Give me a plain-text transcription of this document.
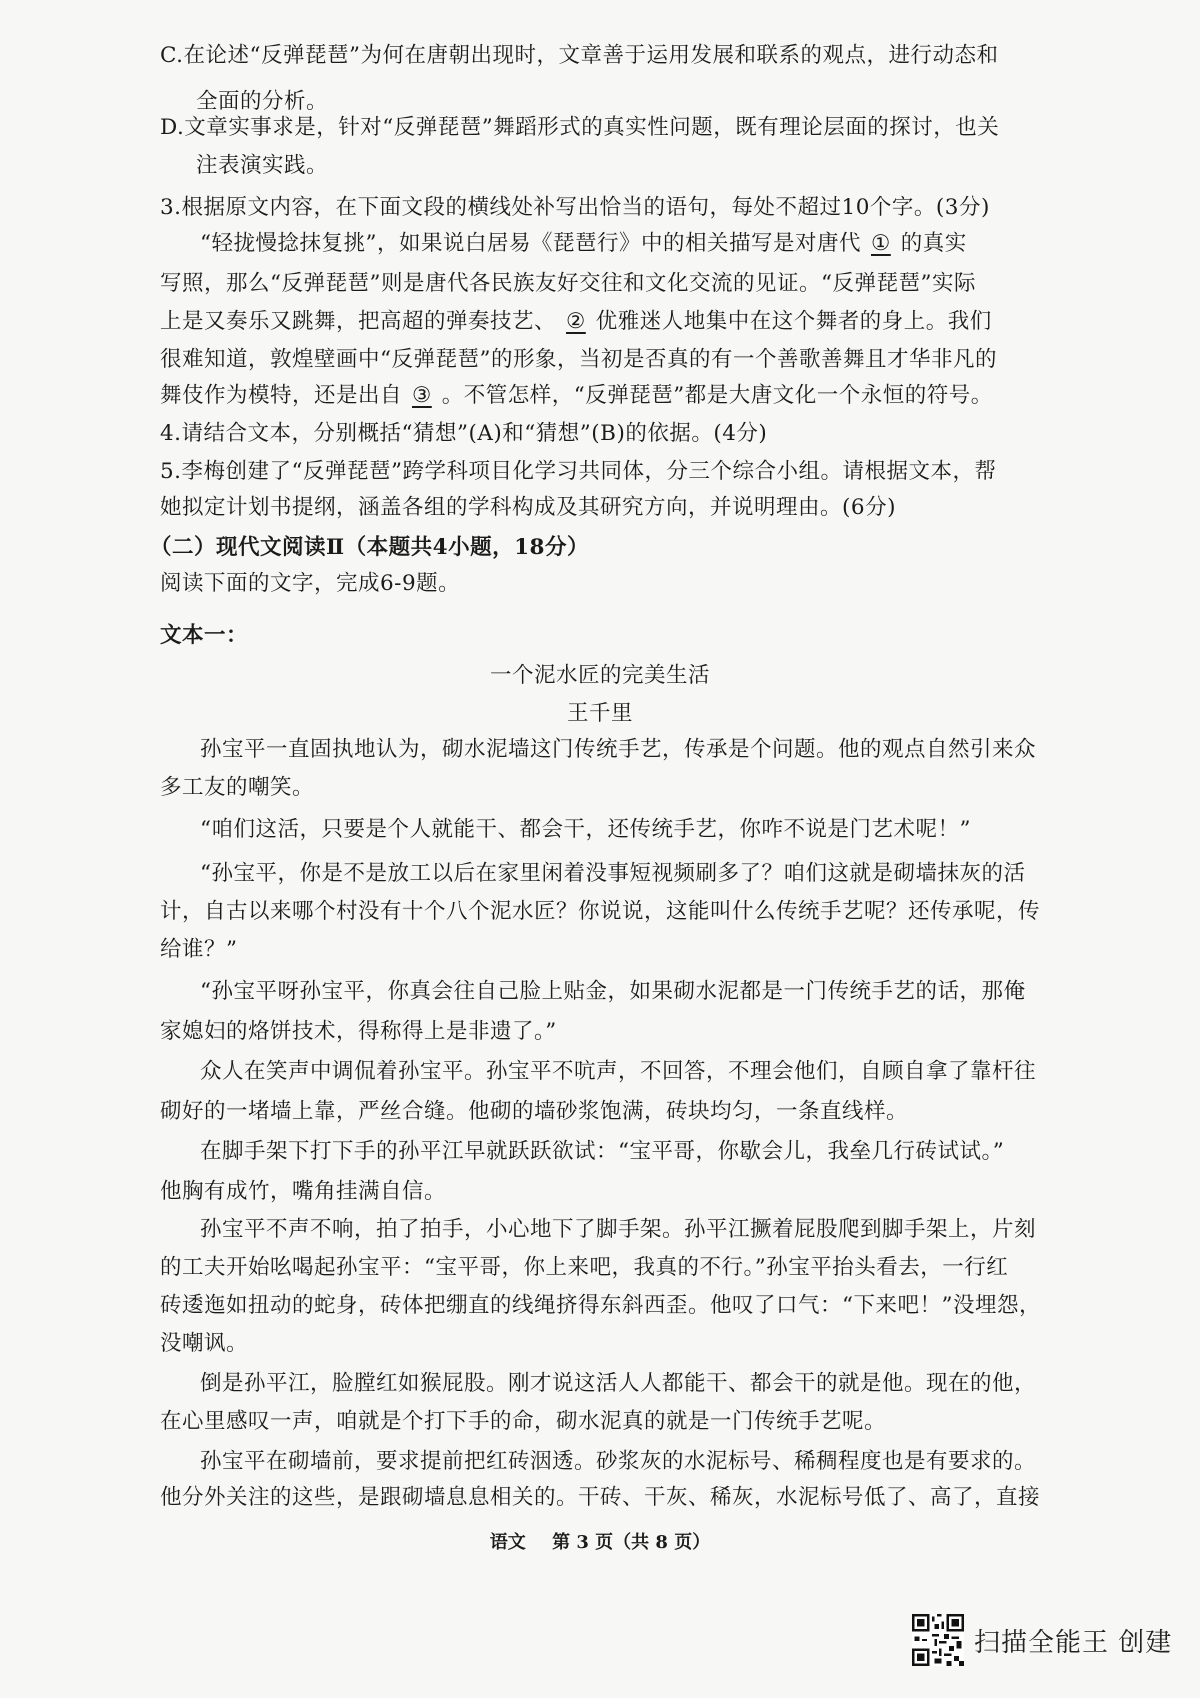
C.在论述“反弹琵琶”为何在唐朝出现时，文章善于运用发展和联系的观点，进行动态和
全面的分析。
D.文章实事求是，针对“反弹琵琶”舞蹈形式的真实性问题，既有理论层面的探讨，也关
注表演实践。
3.根据原文内容，在下面文段的横线处补写出恰当的语句，每处不超过10个字。(3分)
“轻拢慢捻抹复挑”，如果说白居易《琵琶行》中的相关描写是对唐代 ① 的真实
写照，那么“反弹琵琶”则是唐代各民族友好交往和文化交流的见证。“反弹琵琶”实际
上是又奏乐又跳舞，把高超的弹奏技艺、 ② 优雅迷人地集中在这个舞者的身上。我们
很难知道，敦煌壁画中“反弹琵琶”的形象，当初是否真的有一个善歌善舞且才华非凡的
舞伎作为模特，还是出自 ③ 。不管怎样，“反弹琵琶”都是大唐文化一个永恒的符号。
4.请结合文本，分别概括“猜想”(A)和“猜想”(B)的依据。(4分)
5.李梅创建了“反弹琵琶”跨学科项目化学习共同体，分三个综合小组。请根据文本，帮
她拟定计划书提纲，涵盖各组的学科构成及其研究方向，并说明理由。(6分)
（二）现代文阅读Ⅱ（本题共4小题，18分）
阅读下面的文字，完成6-9题。
文本一：
一个泥水匠的完美生活
王千里
孙宝平一直固执地认为，砌水泥墙这门传统手艺，传承是个问题。他的观点自然引来众
多工友的嘲笑。
“咱们这活，只要是个人就能干、都会干，还传统手艺，你咋不说是门艺术呢！”
“孙宝平，你是不是放工以后在家里闲着没事短视频刷多了？咱们这就是砌墙抹灰的活
计，自古以来哪个村没有十个八个泥水匠？你说说，这能叫什么传统手艺呢？还传承呢，传
给谁？”
“孙宝平呀孙宝平，你真会往自己脸上贴金，如果砌水泥都是一门传统手艺的话，那俺
家媳妇的烙饼技术，得称得上是非遗了。”
众人在笑声中调侃着孙宝平。孙宝平不吭声，不回答，不理会他们，自顾自拿了靠杆往
砌好的一堵墙上靠，严丝合缝。他砌的墙砂浆饱满，砖块均匀，一条直线样。
在脚手架下打下手的孙平江早就跃跃欲试：“宝平哥，你歇会儿，我垒几行砖试试。”
他胸有成竹，嘴角挂满自信。
孙宝平不声不响，拍了拍手，小心地下了脚手架。孙平江撅着屁股爬到脚手架上，片刻
的工夫开始吆喝起孙宝平：“宝平哥，你上来吧，我真的不行。”孙宝平抬头看去，一行红
砖逶迤如扭动的蛇身，砖体把绷直的线绳挤得东斜西歪。他叹了口气：“下来吧！”没埋怨，
没嘲讽。
倒是孙平江，脸膛红如猴屁股。刚才说这活人人都能干、都会干的就是他。现在的他，
在心里感叹一声，咱就是个打下手的命，砌水泥真的就是一门传统手艺呢。
孙宝平在砌墙前，要求提前把红砖洇透。砂浆灰的水泥标号、稀稠程度也是有要求的。
他分外关注的这些，是跟砌墙息息相关的。干砖、干灰、稀灰，水泥标号低了、高了，直接
语文 第 3 页（共 8 页）
扫描全能王 创建
